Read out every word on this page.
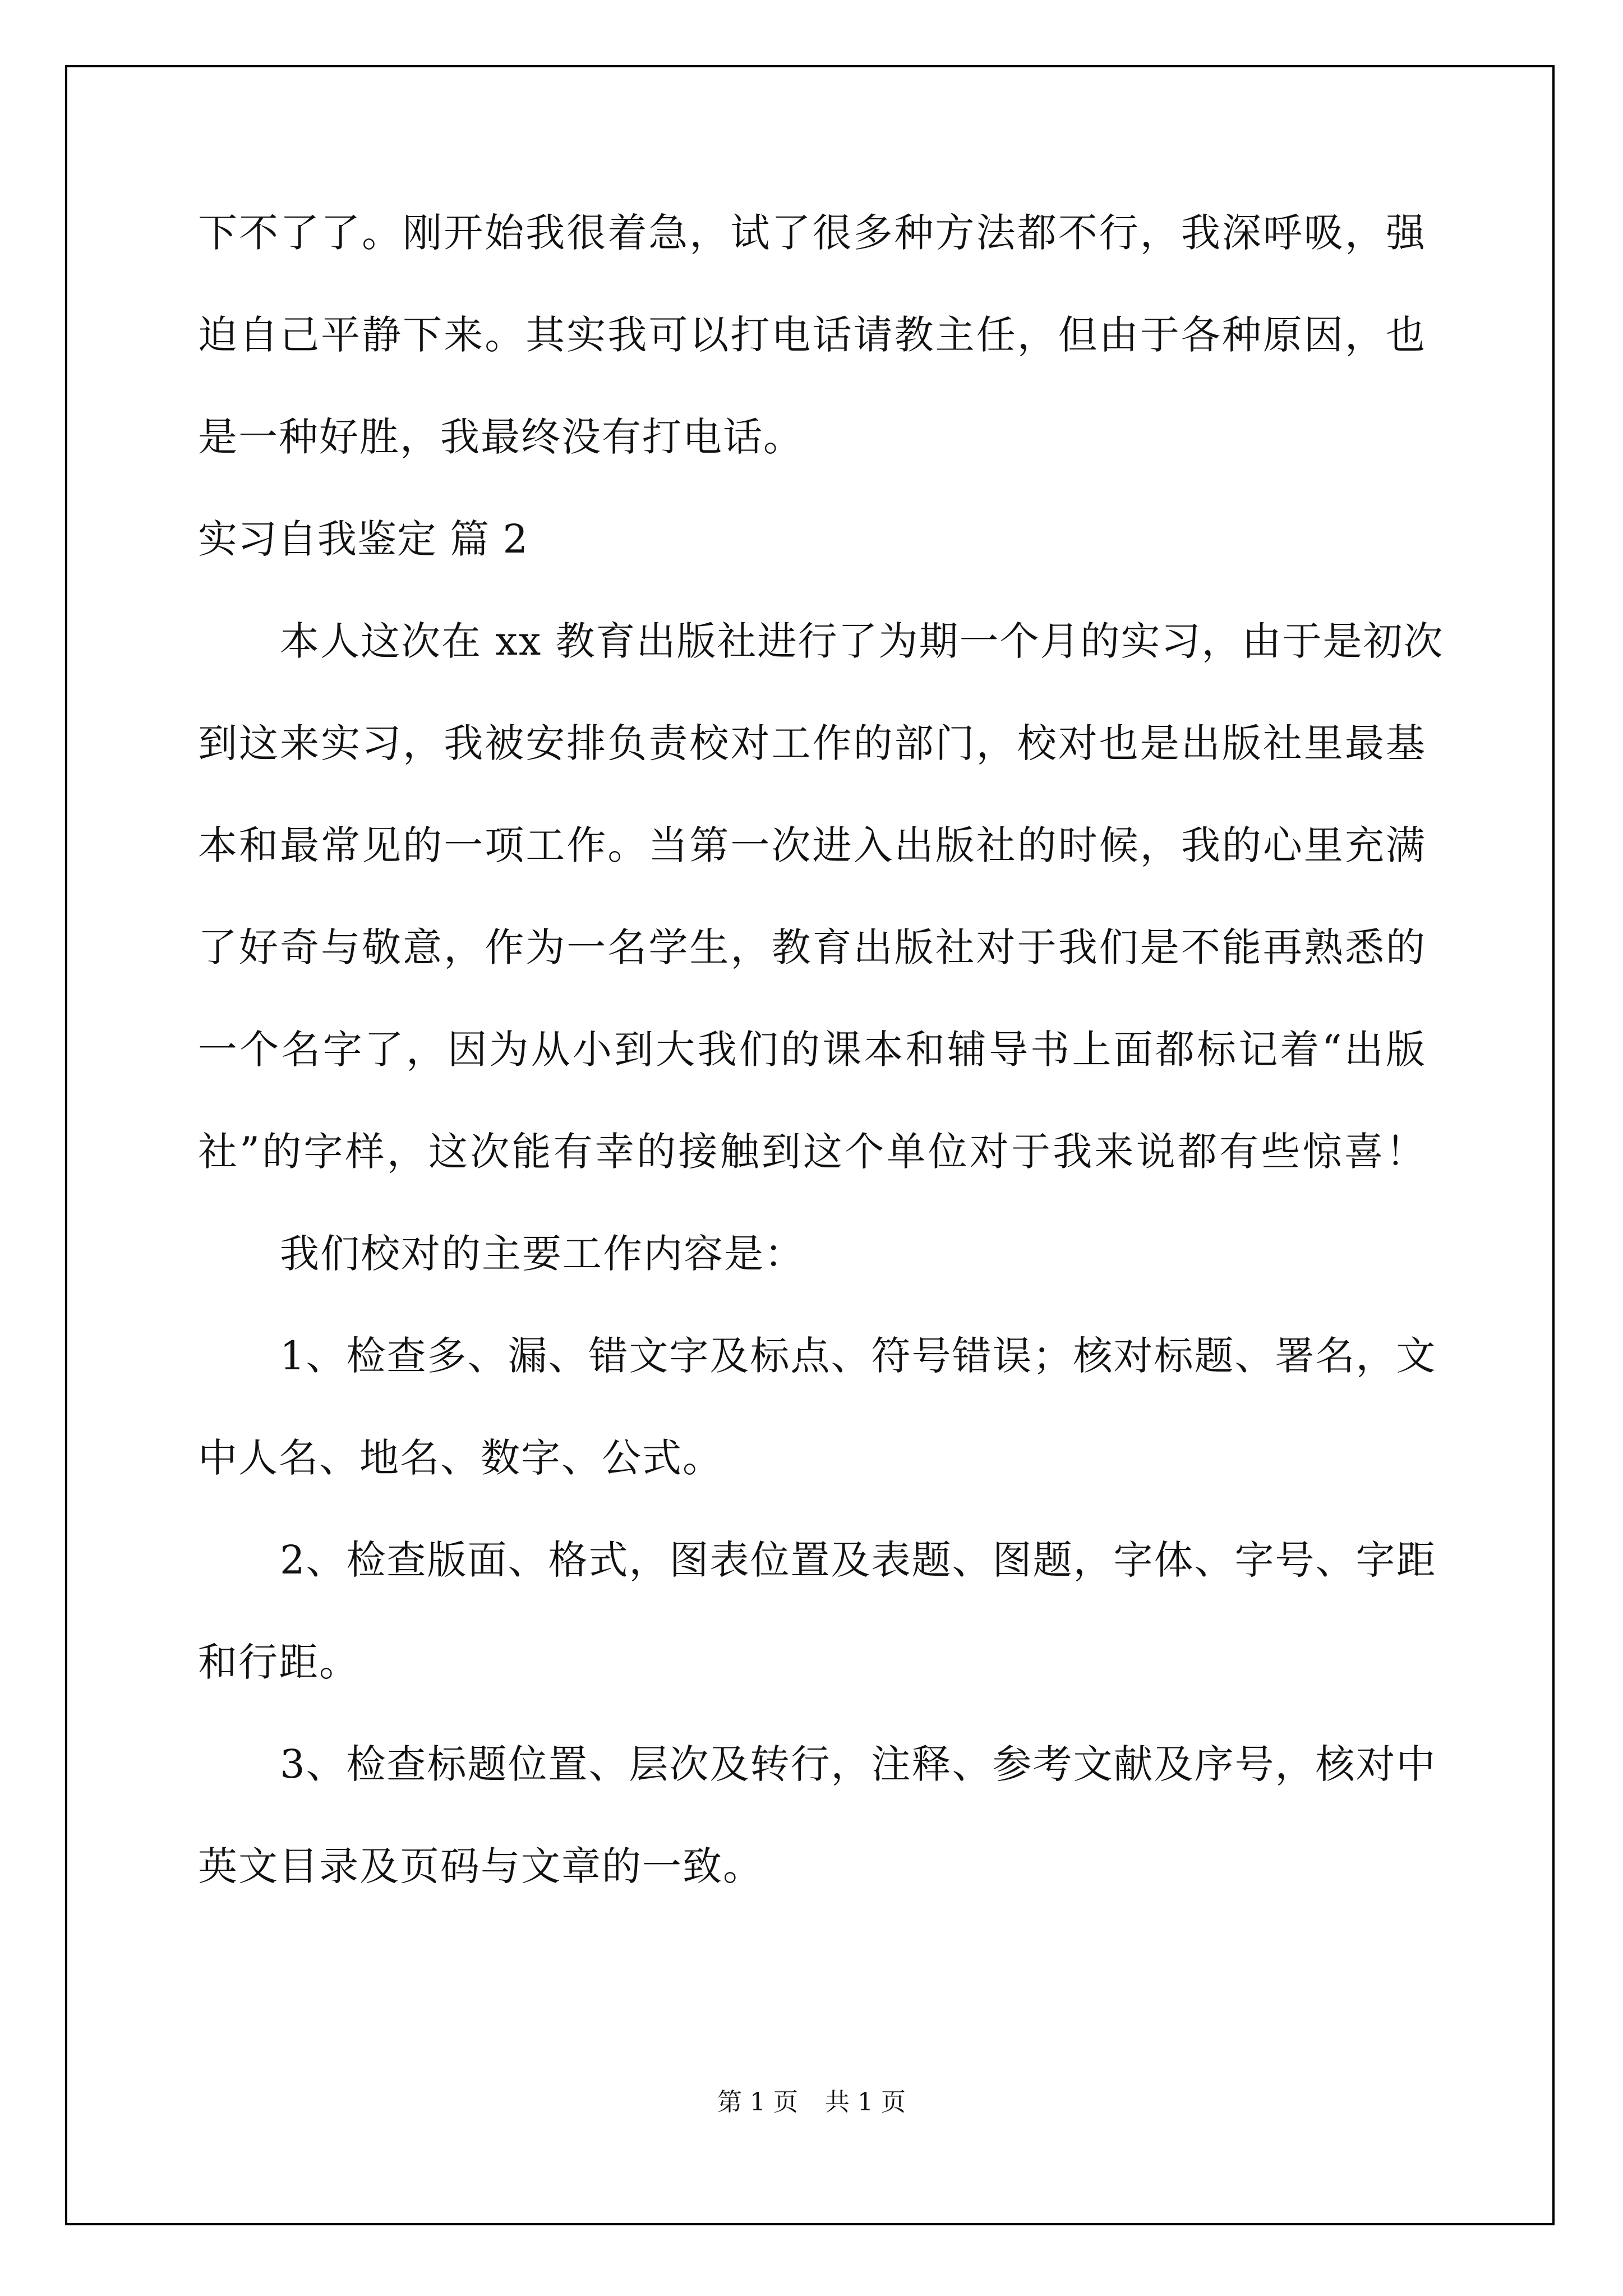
下不了了。刚开始我很着急，试了很多种方法都不行，我深呼吸，强
迫自己平静下来。其实我可以打电话请教主任，但由于各种原因，也
是一种好胜，我最终没有打电话。
实习自我鉴定 篇 2
本人这次在 xx 教育出版社进行了为期一个月的实习，由于是初次
到这来实习，我被安排负责校对工作的部门，校对也是出版社里最基
本和最常见的一项工作。当第一次进入出版社的时候，我的心里充满
了好奇与敬意，作为一名学生，教育出版社对于我们是不能再熟悉的
一个名字了，因为从小到大我们的课本和辅导书上面都标记着“出版
社”的字样，这次能有幸的接触到这个单位对于我来说都有些惊喜！
我们校对的主要工作内容是：
1、检查多、漏、错文字及标点、符号错误；核对标题、署名，文
中人名、地名、数字、公式。
2、检查版面、格式，图表位置及表题、图题，字体、字号、字距
和行距。
3、检查标题位置、层次及转行，注释、参考文献及序号，核对中
英文目录及页码与文章的一致。
第 1 页 共 1 页
